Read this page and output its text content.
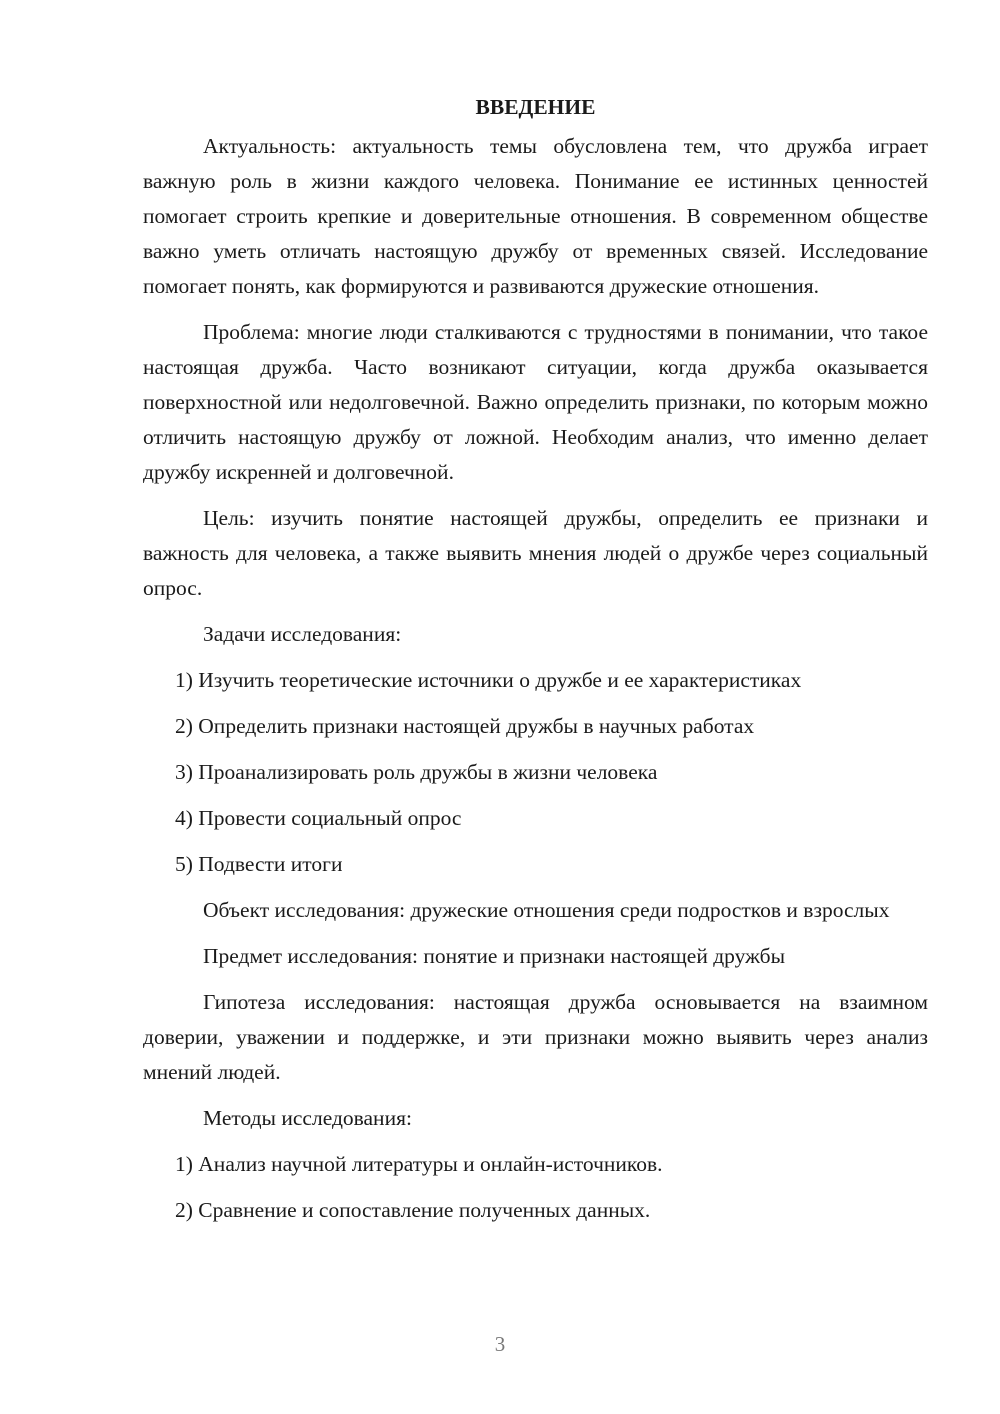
ВВЕДЕНИЕ

Актуальность: актуальность темы обусловлена тем, что дружба играет важную роль в жизни каждого человека. Понимание ее истинных ценностей помогает строить крепкие и доверительные отношения. В современном обществе важно уметь отличать настоящую дружбу от временных связей. Исследование помогает понять, как формируются и развиваются дружеские отношения.

Проблема: многие люди сталкиваются с трудностями в понимании, что такое настоящая дружба. Часто возникают ситуации, когда дружба оказывается поверхностной или недолговечной. Важно определить признаки, по которым можно отличить настоящую дружбу от ложной. Необходим анализ, что именно делает дружбу искренней и долговечной.

Цель: изучить понятие настоящей дружбы, определить ее признаки и важность для человека, а также выявить мнения людей о дружбе через социальный опрос.

Задачи исследования:

1) Изучить теоретические источники о дружбе и ее характеристиках

2) Определить признаки настоящей дружбы в научных работах

3) Проанализировать роль дружбы в жизни человека

4) Провести социальный опрос

5) Подвести итоги

Объект исследования: дружеские отношения среди подростков и взрослых

Предмет исследования: понятие и признаки настоящей дружбы

Гипотеза исследования: настоящая дружба основывается на взаимном доверии, уважении и поддержке, и эти признаки можно выявить через анализ мнений людей.

Методы исследования:

1) Анализ научной литературы и онлайн-источников.

2) Сравнение и сопоставление полученных данных.

3
